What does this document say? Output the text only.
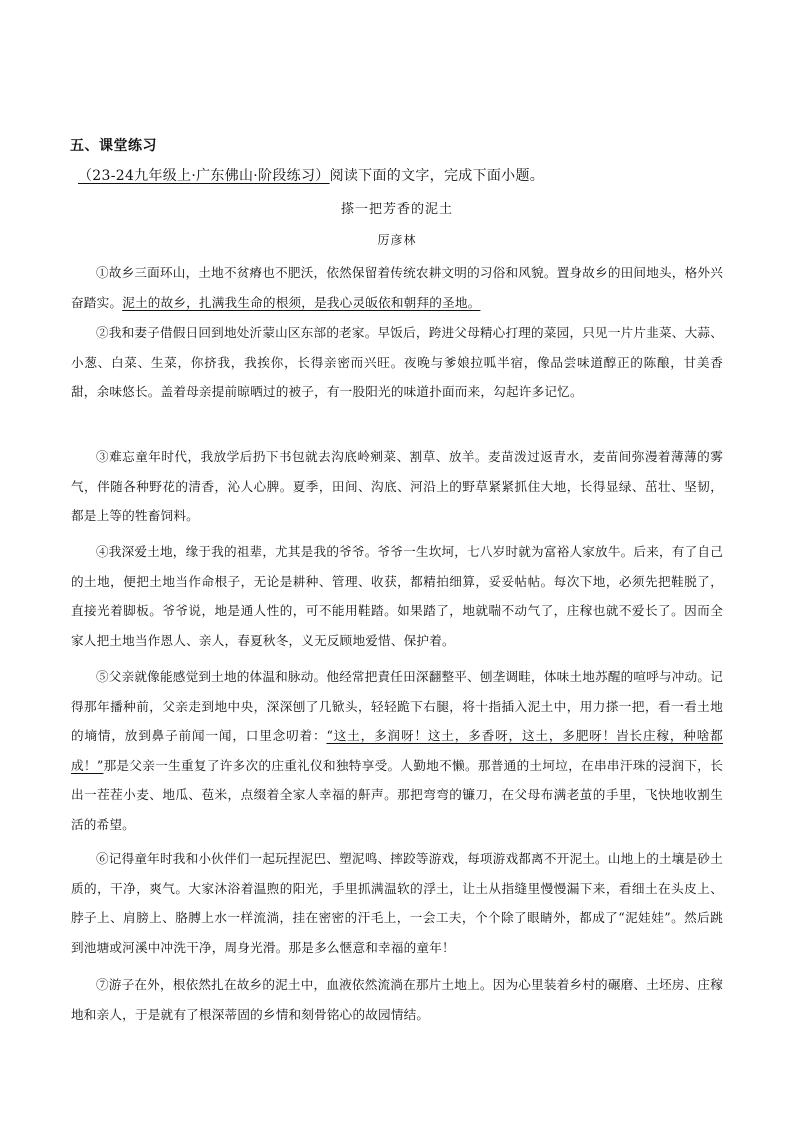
五、课堂练习
（23-24九年级上·广东佛山·阶段练习）阅读下面的文字，完成下面小题。
搽一把芳香的泥土
厉彦林

①故乡三面环山，土地不贫瘠也不肥沃，依然保留着传统农耕文明的习俗和风貌。置身故乡的田间地头，格外兴奋踏实。泥土的故乡，扎满我生命的根须，是我心灵皈依和朝拜的圣地。

②我和妻子借假日回到地处沂蒙山区东部的老家。早饭后，跨进父母精心打理的菜园，只见一片片韭菜、大蒜、小葱、白菜、生菜，你挤我，我挨你，长得亲密而兴旺。夜晚与爹娘拉呱半宿，像品尝味道醇正的陈酿，甘美香甜，余味悠长。盖着母亲提前晾晒过的被子，有一股阳光的味道扑面而来，勾起许多记忆。

③难忘童年时代，我放学后扔下书包就去沟底岭剜菜、割草、放羊。麦苗泼过返青水，麦苗间弥漫着薄薄的雾气，伴随各种野花的清香，沁人心脾。夏季，田间、沟底、河沿上的野草紧紧抓住大地，长得显绿、茁壮、坚韧，都是上等的牲畜饲料。

④我深爱土地，缘于我的祖辈，尤其是我的爷爷。爷爷一生坎坷，七八岁时就为富裕人家放牛。后来，有了自己的土地，便把土地当作命根子，无论是耕种、管理、收获，都精拍细算，妥妥帖帖。每次下地，必须先把鞋脱了，直接光着脚板。爷爷说，地是通人性的，可不能用鞋踏。如果踏了，地就喘不动气了，庄稼也就不爱长了。因而全家人把土地当作恩人、亲人，春夏秋冬，义无反顾地爱惜、保护着。

⑤父亲就像能感觉到土地的体温和脉动。他经常把責任田深翻整平、刨垄调畦，体味土地苏醒的喧呼与冲动。记得那年播种前，父亲走到地中央，深深刨了几锨头，轻轻跪下右腿，将十指插入泥土中，用力搽一把，看一看土地的墒情，放到鼻子前闻一闻，口里念叨着：“这土，多润呀！这土，多香呀，这土，多肥呀！旹长庄稼，种啥都成！”那是父亲一生重复了许多次的庄重礼仪和独特享受。人勤地不懒。那普通的土坷垃，在串串汗珠的浸润下，长出一茬茬小麦、地瓜、苞米，点缀着全家人幸福的鼾声。那把弯弯的镰刀，在父母布满老茧的手里，飞快地收割生活的希望。

⑥记得童年时我和小伙伴们一起玩捏泥巴、塑泥鸣、摔跤等游戏，每项游戏都离不开泥土。山地上的土壤是砂土质的，干净，爽气。大家沐浴着温煦的阳光，手里抓满温软的浮土，让土从指缝里慢慢漏下来，看细土在头皮上、脖子上、肩膀上、胳膊上水一样流淌，挂在密密的汗毛上，一会工夫，个个除了眼睛外，都成了“泥娃娃”。然后跳到池塘或河溪中冲洗干净，周身光滑。那是多么惬意和幸福的童年！

⑦游子在外，根依然扎在故乡的泥土中，血液依然流淌在那片土地上。因为心里装着乡村的碾磨、土坯房、庄稼地和亲人，于是就有了根深蒂固的乡情和刻骨铭心的故园情结。
